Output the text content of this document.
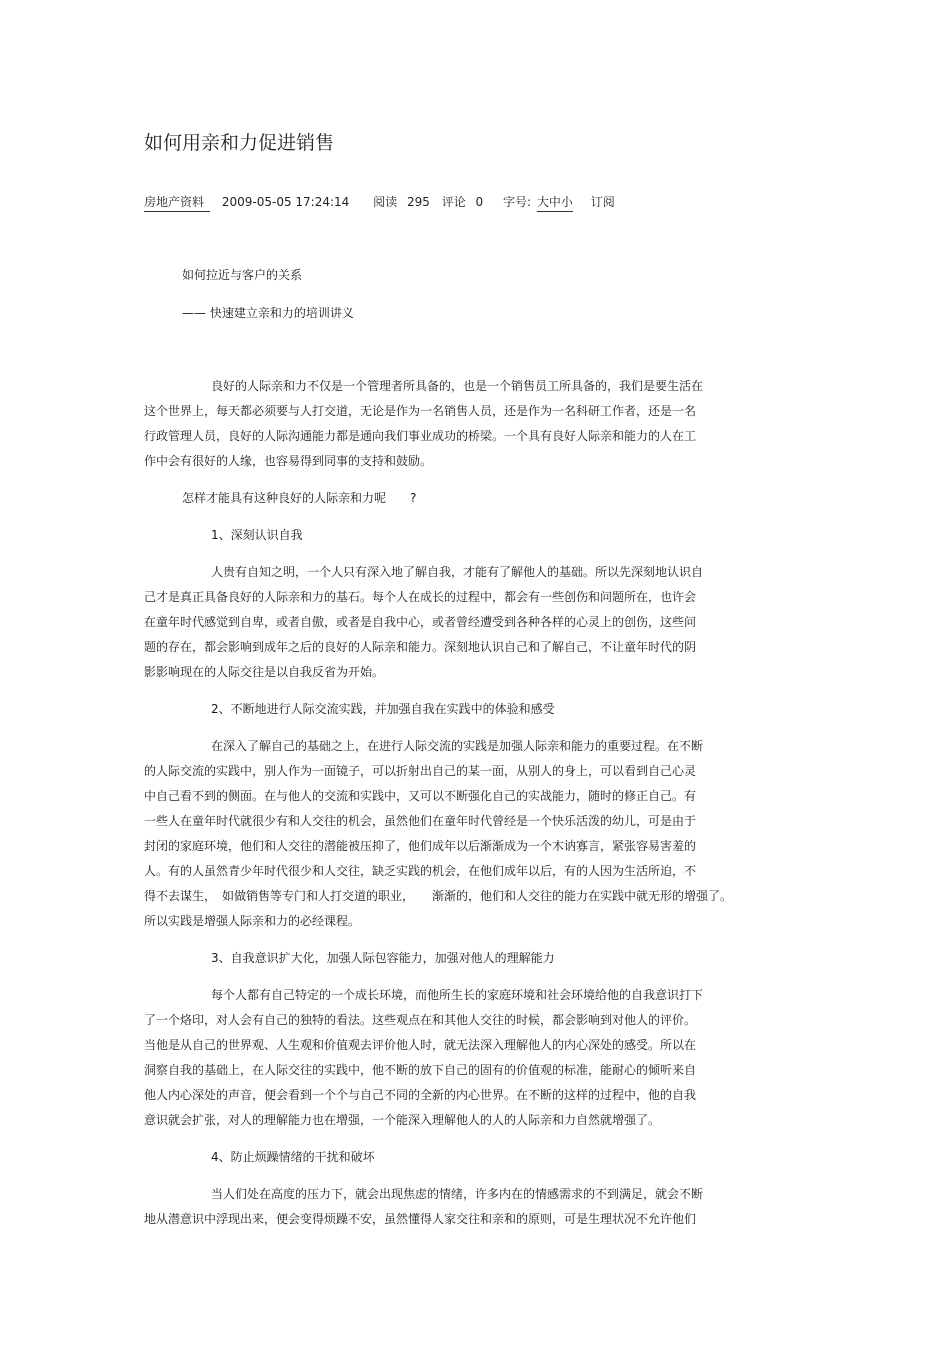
如何用亲和力促进销售
房地产资料 2009-05-05 17:24:14 阅读 295 评论 0 字号: 大中小 订阅
如何拉近与客户的关系
—— 快速建立亲和力的培训讲义
良好的人际亲和力不仅是一个管理者所具备的，也是一个销售员工所具备的，我们是要生活在
这个世界上，每天都必须要与人打交道，无论是作为一名销售人员，还是作为一名科研工作者，还是一名
行政管理人员，良好的人际沟通能力都是通向我们事业成功的桥梁。一个具有良好人际亲和能力的人在工
作中会有很好的人缘，也容易得到同事的支持和鼓励。
怎样才能具有这种良好的人际亲和力呢　　?
1、深刻认识自我
人贵有自知之明，一个人只有深入地了解自我，才能有了解他人的基础。所以先深刻地认识自
己才是真正具备良好的人际亲和力的基石。每个人在成长的过程中，都会有一些创伤和问题所在，也许会
在童年时代感觉到自卑，或者自傲，或者是自我中心，或者曾经遭受到各种各样的心灵上的创伤，这些问
题的存在，都会影响到成年之后的良好的人际亲和能力。深刻地认识自己和了解自己，不让童年时代的阴
影影响现在的人际交往是以自我反省为开始。
2、不断地进行人际交流实践，并加强自我在实践中的体验和感受
在深入了解自己的基础之上，在进行人际交流的实践是加强人际亲和能力的重要过程。在不断
的人际交流的实践中，别人作为一面镜子，可以折射出自己的某一面，从别人的身上，可以看到自己心灵
中自己看不到的侧面。在与他人的交流和实践中，又可以不断强化自己的实战能力，随时的修正自己。有
一些人在童年时代就很少有和人交往的机会，虽然他们在童年时代曾经是一个快乐活泼的幼儿，可是由于
封闭的家庭环境，他们和人交往的潜能被压抑了，他们成年以后渐渐成为一个木讷寡言，紧张容易害羞的
人。有的人虽然青少年时代很少和人交往，缺乏实践的机会，在他们成年以后，有的人因为生活所迫，不
得不去谋生，　如做销售等专门和人打交道的职业，　　渐渐的，他们和人交往的能力在实践中就无形的增强了。
所以实践是增强人际亲和力的必经课程。
3、自我意识扩大化，加强人际包容能力，加强对他人的理解能力
每个人都有自己特定的一个成长环境，而他所生长的家庭环境和社会环境给他的自我意识打下
了一个烙印，对人会有自己的独特的看法。这些观点在和其他人交往的时候，都会影响到对他人的评价。
当他是从自己的世界观、人生观和价值观去评价他人时，就无法深入理解他人的内心深处的感受。所以在
洞察自我的基础上，在人际交往的实践中，他不断的放下自己的固有的价值观的标准，能耐心的倾听来自
他人内心深处的声音，便会看到一个个与自己不同的全新的内心世界。在不断的这样的过程中，他的自我
意识就会扩张，对人的理解能力也在增强，一个能深入理解他人的人的人际亲和力自然就增强了。
4、防止烦躁情绪的干扰和破坏
当人们处在高度的压力下，就会出现焦虑的情绪，许多内在的情感需求的不到满足，就会不断
地从潜意识中浮现出来，便会变得烦躁不安，虽然懂得人家交往和亲和的原则，可是生理状况不允许他们
